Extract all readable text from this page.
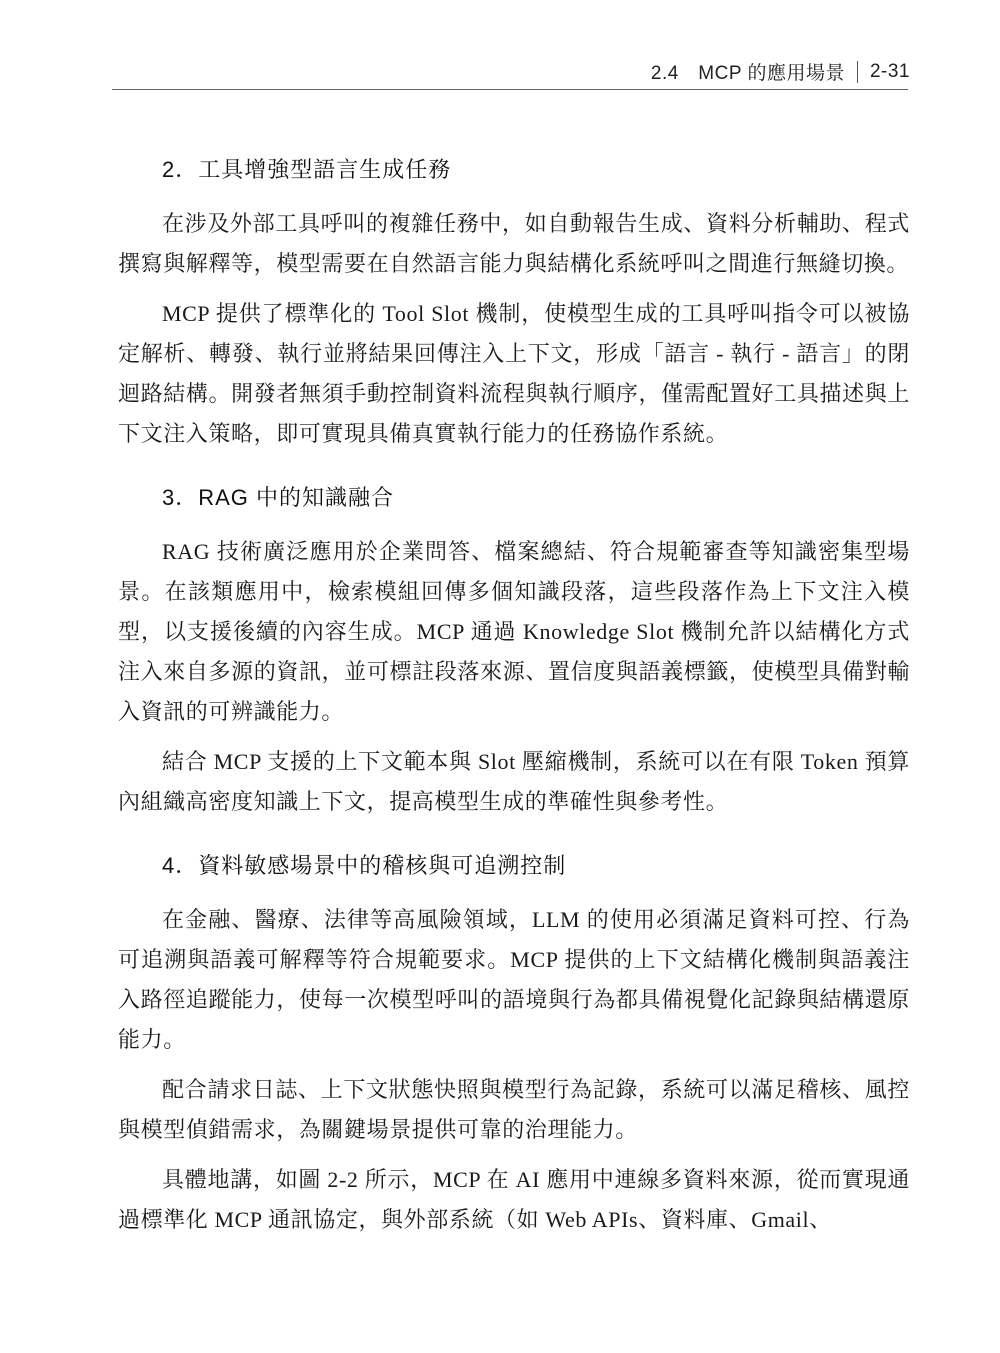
2.4　MCP 的應用場景 2-31
2．工具增強型語言生成任務

在涉及外部工具呼叫的複雜任務中，如自動報告生成、資料分析輔助、程式撰寫與解釋等，模型需要在自然語言能力與結構化系統呼叫之間進行無縫切換。

MCP 提供了標準化的 Tool Slot 機制，使模型生成的工具呼叫指令可以被協定解析、轉發、執行並將結果回傳注入上下文，形成「語言 - 執行 - 語言」的閉迴路結構。開發者無須手動控制資料流程與執行順序，僅需配置好工具描述與上下文注入策略，即可實現具備真實執行能力的任務協作系統。

3．RAG 中的知識融合

RAG 技術廣泛應用於企業問答、檔案總結、符合規範審查等知識密集型場景。在該類應用中，檢索模組回傳多個知識段落，這些段落作為上下文注入模型，以支援後續的內容生成。MCP 通過 Knowledge Slot 機制允許以結構化方式注入來自多源的資訊，並可標註段落來源、置信度與語義標籤，使模型具備對輸入資訊的可辨識能力。

結合 MCP 支援的上下文範本與 Slot 壓縮機制，系統可以在有限 Token 預算內組織高密度知識上下文，提高模型生成的準確性與參考性。

4．資料敏感場景中的稽核與可追溯控制

在金融、醫療、法律等高風險領域，LLM 的使用必須滿足資料可控、行為可追溯與語義可解釋等符合規範要求。MCP 提供的上下文結構化機制與語義注入路徑追蹤能力，使每一次模型呼叫的語境與行為都具備視覺化記錄與結構還原能力。

配合請求日誌、上下文狀態快照與模型行為記錄，系統可以滿足稽核、風控與模型偵錯需求，為關鍵場景提供可靠的治理能力。

具體地講，如圖 2-2 所示，MCP 在 AI 應用中連線多資料來源，從而實現通過標準化 MCP 通訊協定，與外部系統（如 Web APIs、資料庫、Gmail、
